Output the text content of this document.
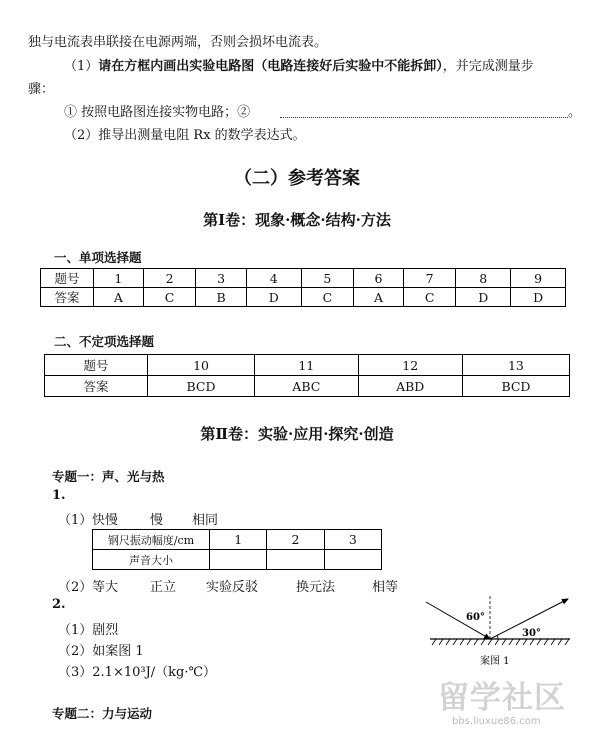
独与电流表串联接在电源两端，否则会损坏电流表。
（1）请在方框内画出实验电路图（电路连接好后实验中不能拆卸），并完成测量步
骤：
① 按照电路图连接实物电路；②	。
（2）推导出测量电阻 Rx 的数学表达式。
（二）参考答案
第Ⅰ卷：现象·概念·结构·方法
一、单项选择题
题号	1	2	3	4	5	6	7	8	9
答案	A	C	B	D	C	A	C	D	D
二、不定项选择题
题号	10	11	12	13
答案	BCD	ABC	ABD	BCD
第Ⅱ卷：实验·应用·探究·创造
专题一：声、光与热
1.
（1） 快慢 慢 相同
钢尺振动幅度/cm	1	2	3
声音大小			
（2） 等大 正立 实验反驳	换元法	相等
2.
（1）剧烈
（2）如案图 1
（3）2.1×10³J/（kg·℃）
60°
30°
案图 1
专题二：力与运动	留学社区
bbs.liuxue86.com
